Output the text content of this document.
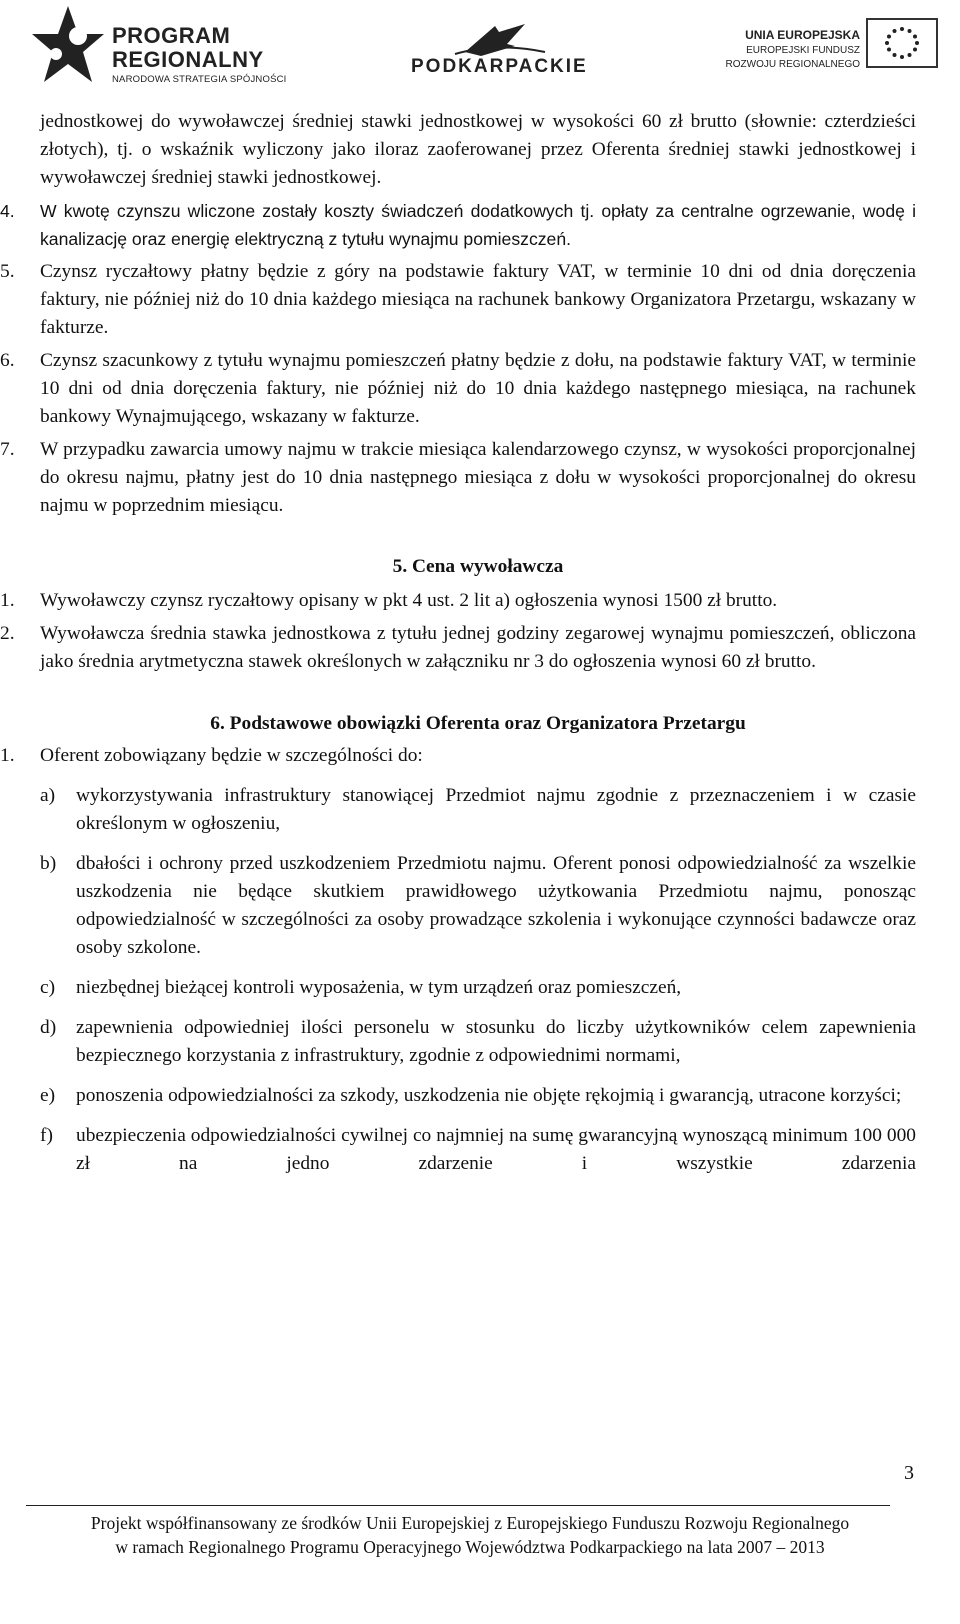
PROGRAM
REGIONALNY
NARODOWA STRATEGIA SPÓJNOŚCI
PODKARPACKIE
UNIA EUROPEJSKA
EUROPEJSKI FUNDUSZ
ROZWOJU REGIONALNEGO

jednostkowej do wywoławczej średniej stawki jednostkowej w wysokości 60 zł brutto (słownie: czterdzieści złotych), tj. o wskaźnik wyliczony jako iloraz zaoferowanej przez Oferenta średniej stawki jednostkowej i wywoławczej średniej stawki jednostkowej.

4.	W kwotę czynszu wliczone zostały koszty świadczeń dodatkowych tj. opłaty za centralne ogrzewanie, wodę i kanalizację oraz energię elektryczną z tytułu wynajmu pomieszczeń.
5.	Czynsz ryczałtowy płatny będzie z góry na podstawie faktury VAT, w terminie 10 dni od dnia doręczenia faktury, nie później niż do 10 dnia każdego miesiąca na rachunek bankowy Organizatora Przetargu, wskazany w fakturze.
6.	Czynsz szacunkowy z tytułu wynajmu pomieszczeń płatny będzie z dołu, na podstawie faktury VAT, w terminie 10 dni od dnia doręczenia faktury, nie później niż do 10 dnia każdego następnego miesiąca, na rachunek bankowy Wynajmującego, wskazany w fakturze.
7.	W przypadku zawarcia umowy najmu w trakcie miesiąca kalendarzowego czynsz, w wysokości proporcjonalnej do okresu najmu, płatny jest do 10 dnia następnego miesiąca z dołu w wysokości proporcjonalnej do okresu najmu w poprzednim miesiącu.

5. Cena wywoławcza

1.	Wywoławczy czynsz ryczałtowy opisany w pkt 4 ust. 2 lit a) ogłoszenia wynosi 1500 zł brutto.
2.	Wywoławcza średnia stawka jednostkowa z tytułu jednej godziny zegarowej wynajmu pomieszczeń, obliczona jako średnia arytmetyczna stawek określonych w załączniku nr 3 do ogłoszenia wynosi 60 zł brutto.

6. Podstawowe obowiązki Oferenta oraz Organizatora Przetargu

1.	Oferent zobowiązany będzie w szczególności do:
a)	wykorzystywania infrastruktury stanowiącej Przedmiot najmu zgodnie z przeznaczeniem i w czasie określonym w ogłoszeniu,
b)	dbałości i ochrony przed uszkodzeniem Przedmiotu najmu. Oferent ponosi odpowiedzialność za wszelkie uszkodzenia nie będące skutkiem prawidłowego użytkowania Przedmiotu najmu, ponosząc odpowiedzialność w szczególności za osoby prowadzące szkolenia i wykonujące czynności badawcze oraz osoby szkolone.
c)	niezbędnej bieżącej kontroli wyposażenia, w tym urządzeń oraz pomieszczeń,
d)	zapewnienia odpowiedniej ilości personelu w stosunku do liczby użytkowników celem zapewnienia bezpiecznego korzystania z infrastruktury, zgodnie z odpowiednimi normami,
e)	ponoszenia odpowiedzialności za szkody, uszkodzenia nie objęte rękojmią i gwarancją, utracone korzyści;
f)	ubezpieczenia odpowiedzialności cywilnej co najmniej na sumę gwarancyjną wynoszącą minimum 100 000 zł na jedno zdarzenie i wszystkie zdarzenia
3
Projekt współfinansowany ze środków Unii Europejskiej z Europejskiego Funduszu Rozwoju Regionalnego
w ramach Regionalnego Programu Operacyjnego Województwa Podkarpackiego na lata 2007 – 2013
